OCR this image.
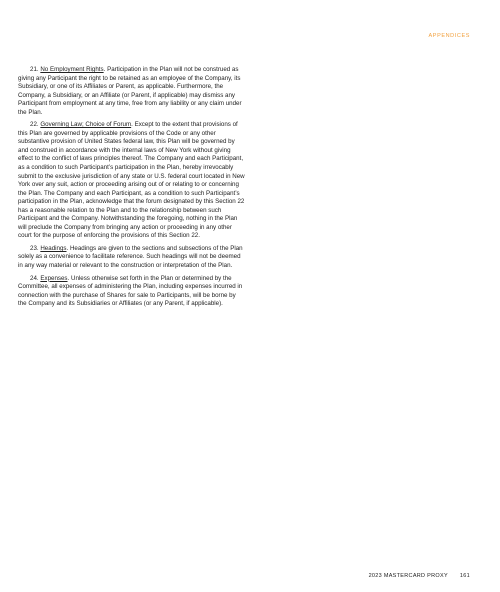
APPENDICES

21. No Employment Rights. Participation in the Plan will not be construed as giving any Participant the right to be retained as an employee of the Company, its Subsidiary, or one of its Affiliates or Parent, as applicable. Furthermore, the Company, a Subsidiary, or an Affiliate (or Parent, if applicable) may dismiss any Participant from employment at any time, free from any liability or any claim under the Plan.

22. Governing Law; Choice of Forum. Except to the extent that provisions of this Plan are governed by applicable provisions of the Code or any other substantive provision of United States federal law, this Plan will be governed by and construed in accordance with the internal laws of New York without giving effect to the conflict of laws principles thereof. The Company and each Participant, as a condition to such Participant’s participation in the Plan, hereby irrevocably submit to the exclusive jurisdiction of any state or U.S. federal court located in New York over any suit, action or proceeding arising out of or relating to or concerning the Plan. The Company and each Participant, as a condition to such Participant’s participation in the Plan, acknowledge that the forum designated by this Section 22 has a reasonable relation to the Plan and to the relationship between such Participant and the Company. Notwithstanding the foregoing, nothing in the Plan will preclude the Company from bringing any action or proceeding in any other court for the purpose of enforcing the provisions of this Section 22.

23. Headings. Headings are given to the sections and subsections of the Plan solely as a convenience to facilitate reference. Such headings will not be deemed in any way material or relevant to the construction or interpretation of the Plan.

24. Expenses. Unless otherwise set forth in the Plan or determined by the Committee, all expenses of administering the Plan, including expenses incurred in connection with the purchase of Shares for sale to Participants, will be borne by the Company and its Subsidiaries or Affiliates (or any Parent, if applicable).

2023 MASTERCARD PROXY 161
